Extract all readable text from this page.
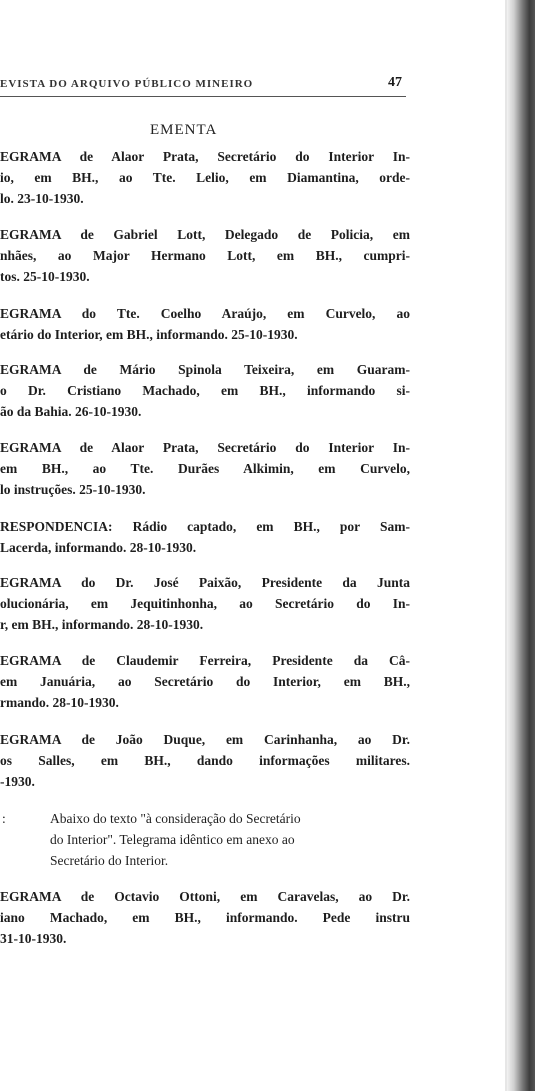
EVISTA DO ARQUIVO PÚBLICO MINEIRO	47
EMENTA
EGRAMA de Alaor Prata, Secretário do Interior In-
io, em BH., ao Tte. Lelio, em Diamantina, orde-
lo. 23-10-1930.
EGRAMA de Gabriel Lott, Delegado de Policia, em
nhães, ao Major Hermano Lott, em BH., cumpri-
tos. 25-10-1930.
EGRAMA do Tte. Coelho Araújo, em Curvelo, ao
etário do Interior, em BH., informando. 25-10-1930.
EGRAMA de Mário Spinola Teixeira, em Guaram-
o Dr. Cristiano Machado, em BH., informando si-
ão da Bahia. 26-10-1930.
EGRAMA de Alaor Prata, Secretário do Interior In-
em BH., ao Tte. Durães Alkimin, em Curvelo,
lo instruções. 25-10-1930.
RESPONDENCIA: Rádio captado, em BH., por Sam-
Lacerda, informando. 28-10-1930.
EGRAMA do Dr. José Paixão, Presidente da Junta
olucionária, em Jequitinhonha, ao Secretário do In-
r, em BH., informando. 28-10-1930.
EGRAMA de Claudemir Ferreira, Presidente da Câ-
em Januária, ao Secretário do Interior, em BH.,
rmando. 28-10-1930.
EGRAMA de João Duque, em Carinhanha, ao Dr.
os Salles, em BH., dando informações militares.
-1930.
:	Abaixo do texto "à consideração do Secretário
do Interior". Telegrama idêntico em anexo ao
Secretário do Interior.
EGRAMA de Octavio Ottoni, em Caravelas, ao Dr.
iano Machado, em BH., informando. Pede instru
31-10-1930.
